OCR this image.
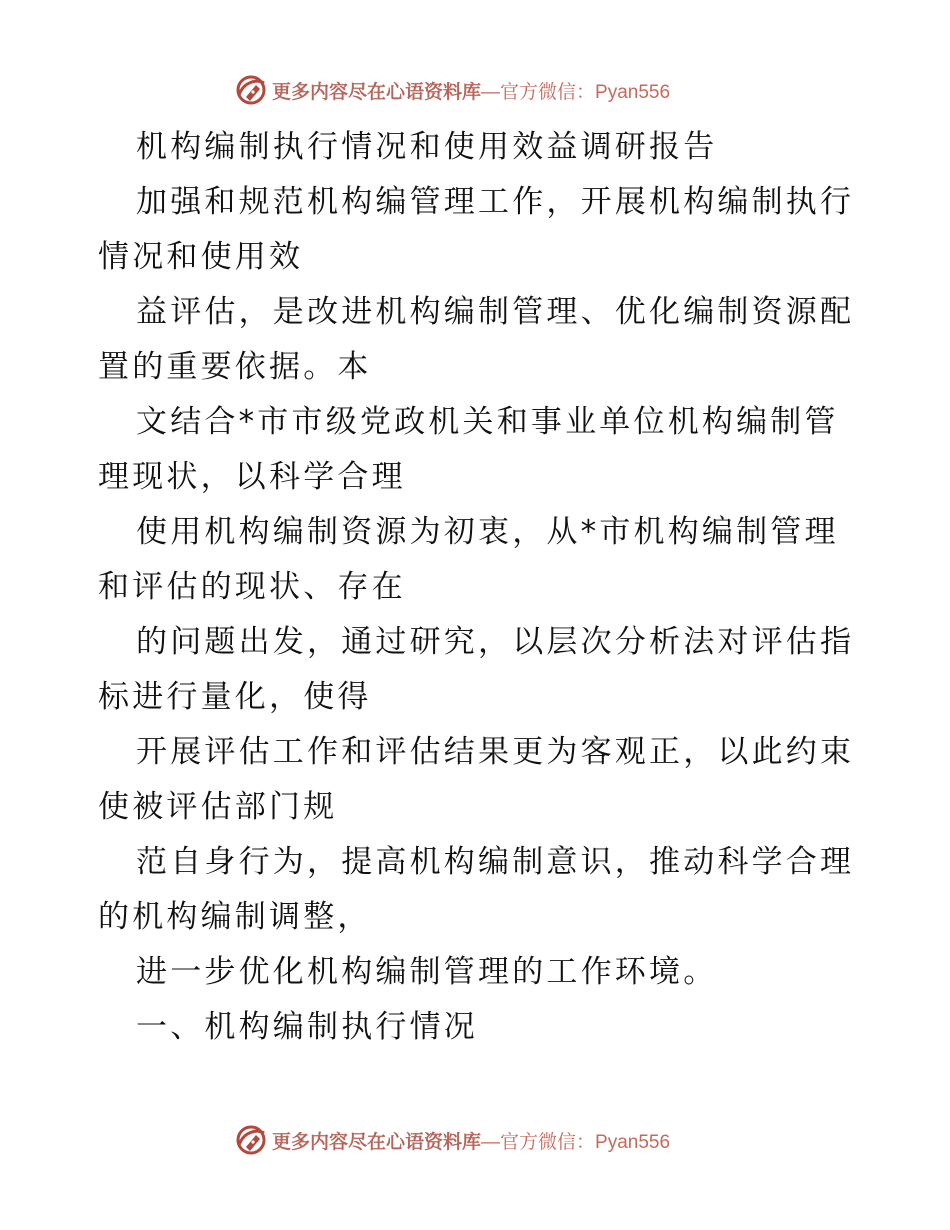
更多内容尽在心语资料库 —官方微信：Pyan556

机构编制执行情况和使用效益调研报告

加强和规范机构编管理工作，开展机构编制执行

情况和使用效

益评估，是改进机构编制管理、优化编制资源配

置的重要依据。本

文结合*市市级党政机关和事业单位机构编制管

理现状，以科学合理

使用机构编制资源为初衷，从*市机构编制管理

和评估的现状、存在

的问题出发，通过研究，以层次分析法对评估指

标进行量化，使得

开展评估工作和评估结果更为客观正，以此约束

使被评估部门规

范自身行为，提高机构编制意识，推动科学合理

的机构编制调整，

进一步优化机构编制管理的工作环境。

一、机构编制执行情况

更多内容尽在心语资料库 —官方微信：Pyan556
